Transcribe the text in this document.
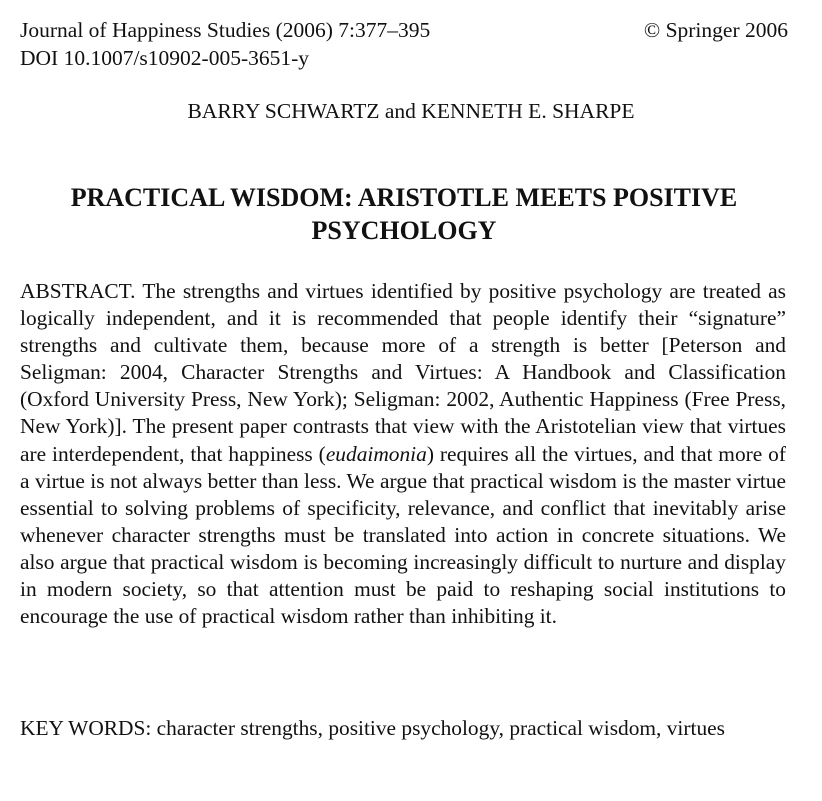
Journal of Happiness Studies (2006) 7:377–395	© Springer 2006
DOI 10.1007/s10902-005-3651-y
BARRY SCHWARTZ and KENNETH E. SHARPE
PRACTICAL WISDOM: ARISTOTLE MEETS POSITIVE
PSYCHOLOGY

ABSTRACT. The strengths and virtues identified by positive psychology are treated as logically independent, and it is recommended that people identify their “signature” strengths and cultivate them, because more of a strength is better [Peterson and Seligman: 2004, Character Strengths and Virtues: A Handbook and Classification (Oxford University Press, New York); Seligman: 2002, Authentic Happiness (Free Press, New York)]. The present paper contrasts that view with the Aristotelian view that virtues are interdependent, that happiness (eudaimonia) requires all the virtues, and that more of a virtue is not always better than less. We argue that practical wisdom is the master virtue essential to solving problems of specificity, relevance, and conflict that inevitably arise whenever character strengths must be translated into action in concrete situations. We also argue that practical wisdom is becoming increasingly difficult to nurture and display in modern society, so that attention must be paid to reshaping social institutions to encourage the use of practical wisdom rather than inhibiting it.

KEY WORDS: character strengths, positive psychology, practical wisdom, virtues
